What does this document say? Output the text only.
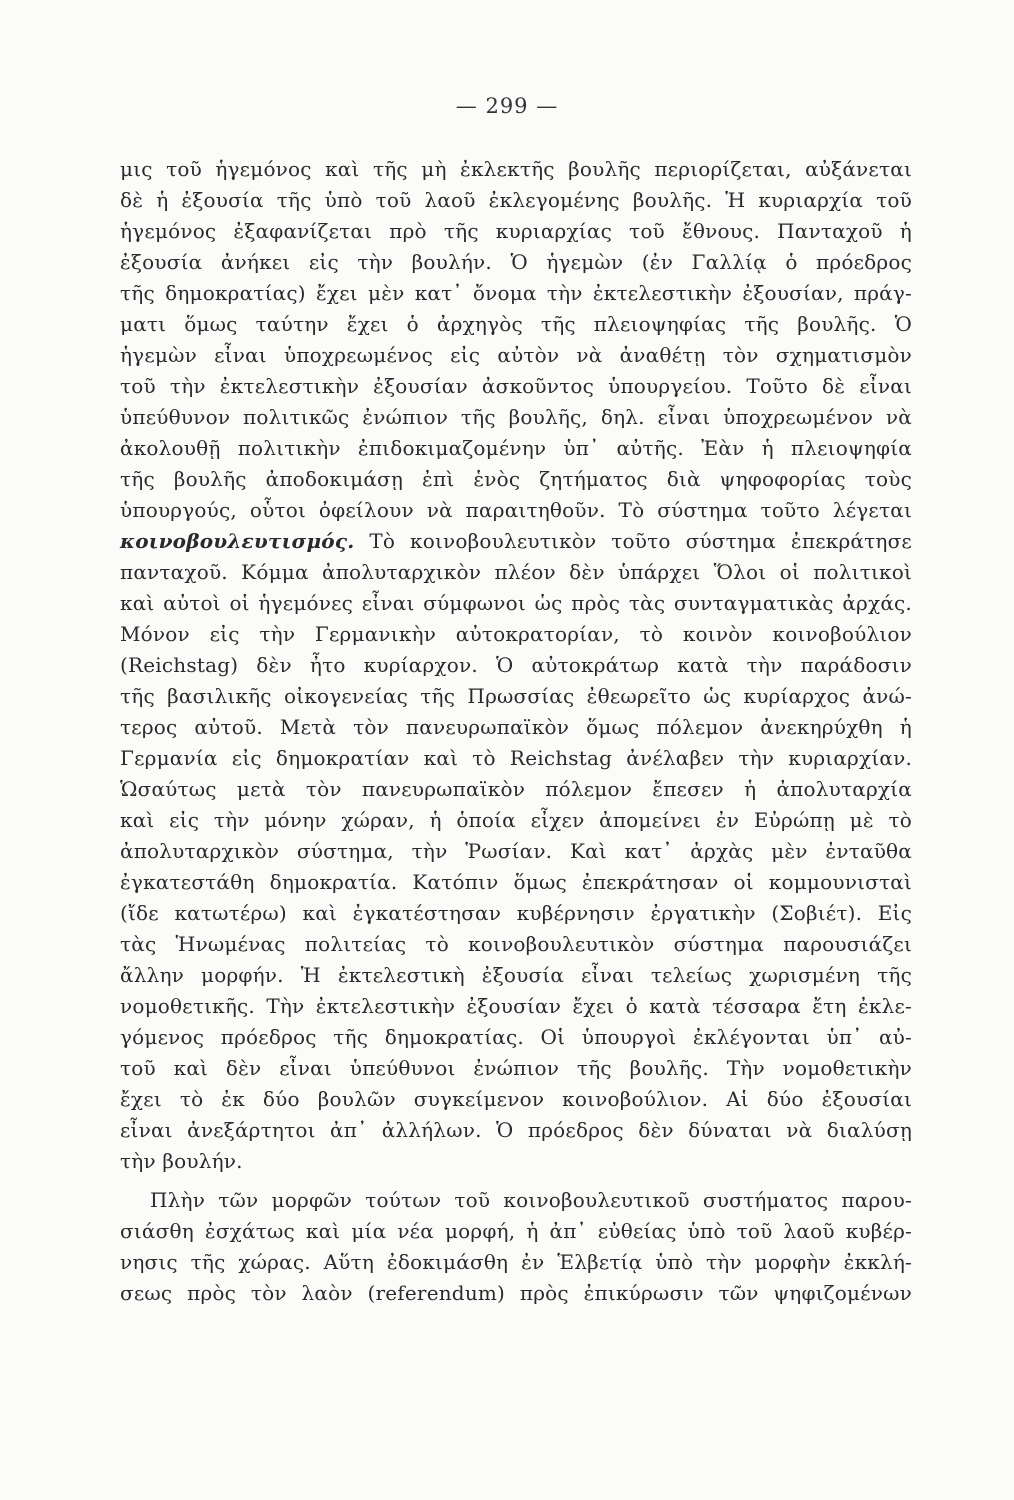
— 299 —
μις τοῦ ἡγεμόνος καὶ τῆς μὴ ἐκλεκτῆς βουλῆς περιορίζεται, αὐξάνεται
δὲ ἡ ἐξουσία τῆς ὑπὸ τοῦ λαοῦ ἐκλεγομένης βουλῆς. Ἡ κυριαρχία τοῦ
ἡγεμόνος ἐξαφανίζεται πρὸ τῆς κυριαρχίας τοῦ ἔθνους. Πανταχοῦ ἡ
ἐξουσία ἀνήκει εἰς τὴν βουλήν. Ὁ ἡγεμὼν (ἐν Γαλλίᾳ ὁ πρόεδρος
τῆς δημοκρατίας) ἔχει μὲν κατ᾽ ὄνομα τὴν ἐκτελεστικὴν ἐξουσίαν, πράγ-
ματι ὅμως ταύτην ἔχει ὁ ἀρχηγὸς τῆς πλειοψηφίας τῆς βουλῆς. Ὁ
ἡγεμὼν εἶναι ὑποχρεωμένος εἰς αὐτὸν νὰ ἀναθέτῃ τὸν σχηματισμὸν
τοῦ τὴν ἐκτελεστικὴν ἐξουσίαν ἀσκοῦντος ὑπουργείου. Τοῦτο δὲ εἶναι
ὑπεύθυνον πολιτικῶς ἐνώπιον τῆς βουλῆς, δηλ. εἶναι ὑποχρεωμένον νὰ
ἀκολουθῇ πολιτικὴν ἐπιδοκιμαζομένην ὑπ᾽ αὐτῆς. Ἐὰν ἡ πλειοψηφία
τῆς βουλῆς ἀποδοκιμάσῃ ἐπὶ ἑνὸς ζητήματος διὰ ψηφοφορίας τοὺς
ὑπουργούς, οὗτοι ὀφείλουν νὰ παραιτηθοῦν. Τὸ σύστημα τοῦτο λέγεται
κοινοβουλευτισμός. Τὸ κοινοβουλευτικὸν τοῦτο σύστημα ἐπεκράτησε
πανταχοῦ. Κόμμα ἀπολυταρχικὸν πλέον δὲν ὑπάρχει Ὅλοι οἱ πολιτικοὶ
καὶ αὐτοὶ οἱ ἡγεμόνες εἶναι σύμφωνοι ὡς πρὸς τὰς συνταγματικὰς ἀρχάς.
Μόνον εἰς τὴν Γερμανικὴν αὐτοκρατορίαν, τὸ κοινὸν κοινοβούλιον
(Reichstag) δὲν ἦτο κυρίαρχον. Ὁ αὐτοκράτωρ κατὰ τὴν παράδοσιν
τῆς βασιλικῆς οἰκογενείας τῆς Πρωσσίας ἐθεωρεῖτο ὡς κυρίαρχος ἀνώ-
τερος αὐτοῦ. Μετὰ τὸν πανευρωπαϊκὸν ὅμως πόλεμον ἀνεκηρύχθη ἡ
Γερμανία εἰς δημοκρατίαν καὶ τὸ Reichstag ἀνέλαβεν τὴν κυριαρχίαν.
Ὡσαύτως μετὰ τὸν πανευρωπαϊκὸν πόλεμον ἔπεσεν ἡ ἀπολυταρχία
καὶ εἰς τὴν μόνην χώραν, ἡ ὁποία εἶχεν ἀπομείνει ἐν Εὐρώπῃ μὲ τὸ
ἀπολυταρχικὸν σύστημα, τὴν Ῥωσίαν. Καὶ κατ᾽ ἀρχὰς μὲν ἐνταῦθα
ἐγκατεστάθη δημοκρατία. Κατόπιν ὅμως ἐπεκράτησαν οἱ κομμουνισταὶ
(ἴδε κατωτέρω) καὶ ἐγκατέστησαν κυβέρνησιν ἐργατικὴν (Σοβιέτ). Εἰς
τὰς Ἡνωμένας πολιτείας τὸ κοινοβουλευτικὸν σύστημα παρουσιάζει
ἄλλην μορφήν. Ἡ ἐκτελεστικὴ ἐξουσία εἶναι τελείως χωρισμένη τῆς
νομοθετικῆς. Τὴν ἐκτελεστικὴν ἐξουσίαν ἔχει ὁ κατὰ τέσσαρα ἔτη ἐκλε-
γόμενος πρόεδρος τῆς δημοκρατίας. Οἱ ὑπουργοὶ ἐκλέγονται ὑπ᾽ αὐ-
τοῦ καὶ δὲν εἶναι ὑπεύθυνοι ἐνώπιον τῆς βουλῆς. Τὴν νομοθετικὴν
ἔχει τὸ ἐκ δύο βουλῶν συγκείμενον κοινοβούλιον. Αἱ δύο ἐξουσίαι
εἶναι ἀνεξάρτητοι ἀπ᾽ ἀλλήλων. Ὁ πρόεδρος δὲν δύναται νὰ διαλύσῃ
τὴν βουλήν.
Πλὴν τῶν μορφῶν τούτων τοῦ κοινοβουλευτικοῦ συστήματος παρου-
σιάσθη ἐσχάτως καὶ μία νέα μορφή, ἡ ἀπ᾽ εὐθείας ὑπὸ τοῦ λαοῦ κυβέρ-
νησις τῆς χώρας. Αὕτη ἐδοκιμάσθη ἐν Ἑλβετίᾳ ὑπὸ τὴν μορφὴν ἐκκλή-
σεως πρὸς τὸν λαὸν (referendum) πρὸς ἐπικύρωσιν τῶν ψηφιζομένων
